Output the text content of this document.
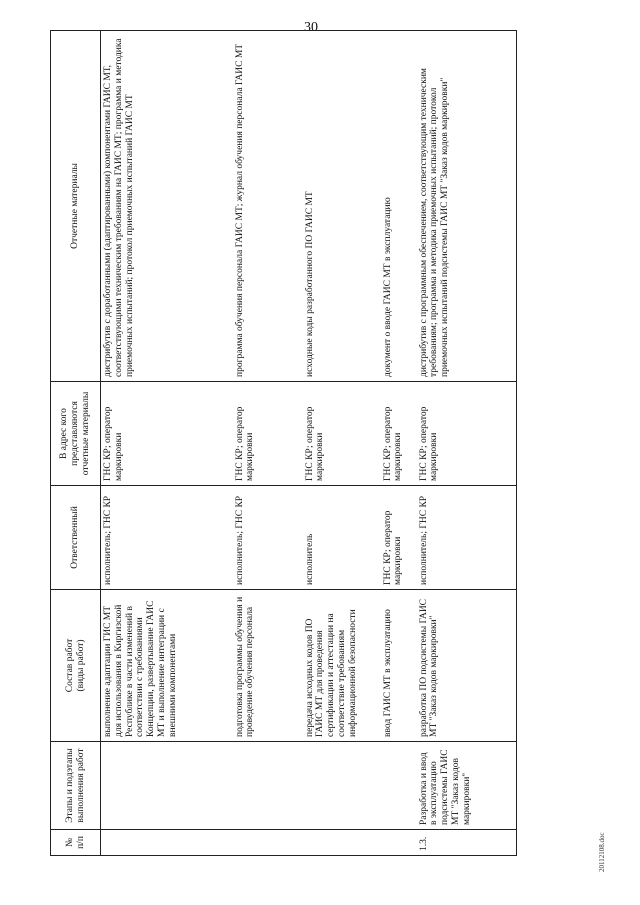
30
№ п/п	Этапы и подэтапы выполнения работ	Состав работ (виды работ)	Ответственный	В адрес кого представляются отчетные материалы	Отчетные материалы

		выполнение адаптации ГИС МТ для использования в Киргизской Республике в части изменений в соответствии с требованиями Концепции, развертывание ГАИС МТ и выполнение интеграции с внешними компонентами	исполнитель; ГНС КР	ГНС КР; оператор маркировки	дистрибутив с доработанными (адаптированными) компонентами ГАИС МТ, соответствующими техническим требованиям на ГАИС МТ; программа и методика приемочных испытаний; протокол приемочных испытаний ГАИС МТ
		подготовка программы обучения и проведение обучения персонала	исполнитель; ГНС КР	ГНС КР; оператор маркировки	программа обучения персонала ГАИС МТ; журнал обучения персонала ГАИС МТ
		передача исходных кодов ПО ГАИС МТ для проведения сертификации и аттестации на соответствие требованиям информационной безопасности	исполнитель	ГНС КР; оператор маркировки	исходные коды разработанного ПО ГАИС МТ
		ввод ГАИС МТ в эксплуатацию	ГНС КР; оператор маркировки	ГНС КР; оператор маркировки	документ о вводе ГАИС МТ в эксплуатацию
1.3.	Разработка и ввод в эксплуатацию подсистемы ГАИС МТ "Заказ кодов маркировки"	разработка ПО подсистемы ГАИС МТ "Заказ кодов маркировки"	исполнитель; ГНС КР	ГНС КР; оператор маркировки	дистрибутив с программным обеспечением, соответствующим техническим требованиям; программа и методика приемочных испытаний; протокол приемочных испытаний подсистемы ГАИС МТ "Заказ кодов маркировки"
20112108.doc
